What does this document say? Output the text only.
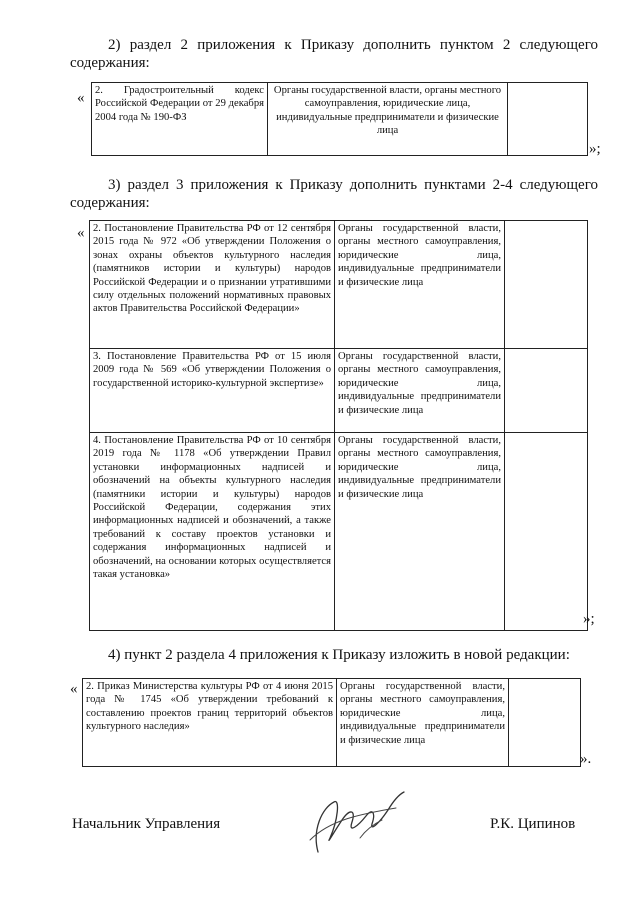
2) раздел 2 приложения к Приказу дополнить пунктом 2 следующего
содержания:
« 2. Градостроительный кодекс Российской Федерации от 29 декабря 2004 года № 190-ФЗ	Органы государственной власти, органы местного самоуправления, юридические лица, индивидуальные предприниматели и физические лица	
»;
3) раздел 3 приложения к Приказу дополнить пунктами 2-4 следующего
содержания:
« 2. Постановление Правительства РФ от 12 сентября 2015 года № 972 «Об утверждении Положения о зонах охраны объектов культурного наследия (памятников истории и культуры) народов Российской Федерации и о признании утратившими силу отдельных положений нормативных правовых актов Правительства Российской Федерации»	Органы государственной власти, органы местного самоуправления, юридические лица, индивидуальные предприниматели и физические лица	
3. Постановление Правительства РФ от 15 июля 2009 года № 569 «Об утверждении Положения о государственной историко-культурной экспертизе»	Органы государственной власти, органы местного самоуправления, юридические лица, индивидуальные предприниматели и физические лица	
4. Постановление Правительства РФ от 10 сентября 2019 года № 1178 «Об утверждении Правил установки информационных надписей и обозначений на объекты культурного наследия (памятники истории и культуры) народов Российской Федерации, содержания этих информационных надписей и обозначений, а также требований к составу проектов установки и содержания информационных надписей и обозначений, на основании которых осуществляется такая установка»	Органы государственной власти, органы местного самоуправления, юридические лица, индивидуальные предприниматели и физические лица	
»;
4) пункт 2 раздела 4 приложения к Приказу изложить в новой редакции:
« 2. Приказ Министерства культуры РФ от 4 июня 2015 года № 1745 «Об утверждении требований к составлению проектов границ территорий объектов культурного наследия»	Органы государственной власти, органы местного самоуправления, юридические лица, индивидуальные предприниматели и физические лица	
».
Начальник Управления	Р.К. Ципинов
